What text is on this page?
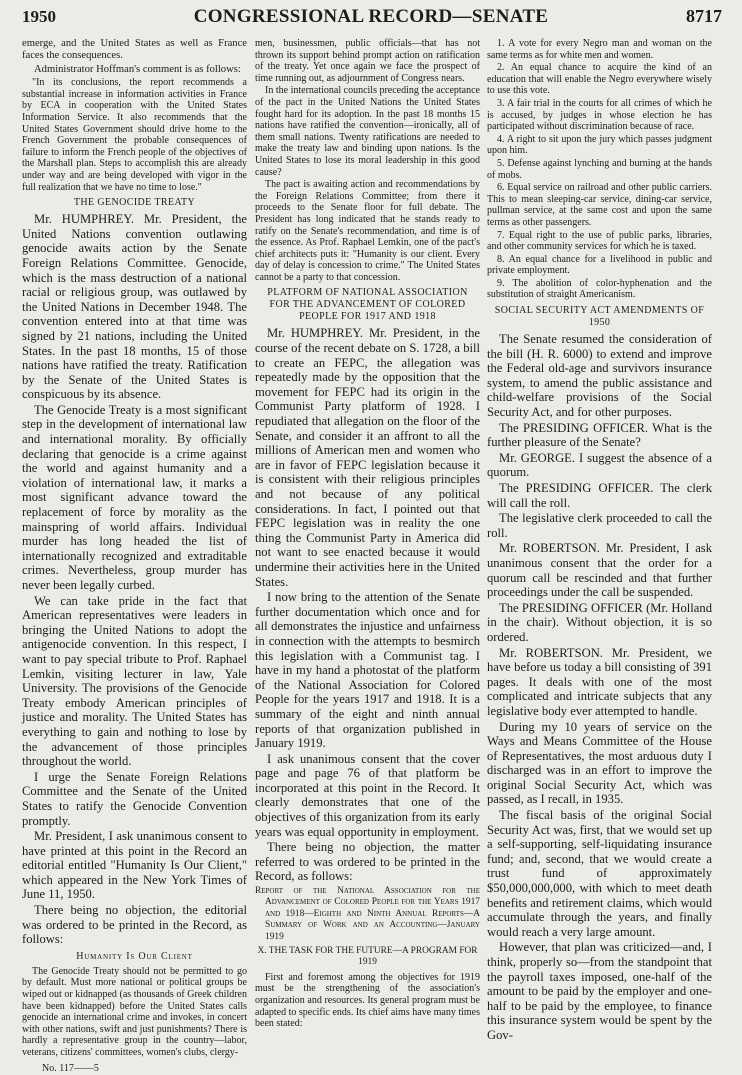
1950	CONGRESSIONAL RECORD—SENATE	8717

emerge, and the United States as well as France faces the consequences.

Administrator Hoffman's comment is as follows:

"In its conclusions, the report recommends a substantial increase in information activities in France by ECA in cooperation with the United States Information Service. It also recommends that the United States Government should drive home to the French Government the probable consequences of failure to inform the French people of the objectives of the Marshall plan. Steps to accomplish this are already under way and are being developed with vigor in the full realization that we have no time to lose."

THE GENOCIDE TREATY

Mr. HUMPHREY. Mr. President, the United Nations convention outlawing genocide awaits action by the Senate Foreign Relations Committee. Genocide, which is the mass destruction of a national racial or religious group, was outlawed by the United Nations in December 1948. The convention entered into at that time was signed by 21 nations, including the United States. In the past 18 months, 15 of those nations have ratified the treaty. Ratification by the Senate of the United States is conspicuous by its absence.

The Genocide Treaty is a most significant step in the development of international law and international morality. By officially declaring that genocide is a crime against the world and against humanity and a violation of international law, it marks a most significant advance toward the replacement of force by morality as the mainspring of world affairs. Individual murder has long headed the list of internationally recognized and extraditable crimes. Nevertheless, group murder has never been legally curbed.

We can take pride in the fact that American representatives were leaders in bringing the United Nations to adopt the antigenocide convention. In this respect, I want to pay special tribute to Prof. Raphael Lemkin, visiting lecturer in law, Yale University. The provisions of the Genocide Treaty embody American principles of justice and morality. The United States has everything to gain and nothing to lose by the advancement of those principles throughout the world.

I urge the Senate Foreign Relations Committee and the Senate of the United States to ratify the Genocide Convention promptly.

Mr. President, I ask unanimous consent to have printed at this point in the Record an editorial entitled "Humanity Is Our Client," which appeared in the New York Times of June 11, 1950.

There being no objection, the editorial was ordered to be printed in the Record, as follows:

Humanity Is Our Client

The Genocide Treaty should not be permitted to go by default. Must more national or political groups be wiped out or kidnapped (as thousands of Greek children have been kidnapped) before the United States calls genocide an international crime and invokes, in concert with other nations, swift and just punishments? There is hardly a representative group in the country—labor, veterans, citizens' committees, women's clubs, clergy-

No. 117——5

men, businessmen, public officials—that has not thrown its support behind prompt action on ratification of the treaty. Yet once again we face the prospect of time running out, as adjournment of Congress nears.

In the international councils preceding the acceptance of the pact in the United Nations the United States fought hard for its adoption. In the past 18 months 15 nations have ratified the convention—ironically, all of them small nations. Twenty ratifications are needed to make the treaty law and binding upon nations. Is the United States to lose its moral leadership in this good cause?

The pact is awaiting action and recommendations by the Foreign Relations Committee; from there it proceeds to the Senate floor for full debate. The President has long indicated that he stands ready to ratify on the Senate's recommendation, and time is of the essence. As Prof. Raphael Lemkin, one of the pact's chief architects puts it: "Humanity is our client. Every day of delay is concession to crime." The United States cannot be a party to that concession.

PLATFORM OF NATIONAL ASSOCIATION FOR THE ADVANCEMENT OF COLORED PEOPLE FOR 1917 AND 1918

Mr. HUMPHREY. Mr. President, in the course of the recent debate on S. 1728, a bill to create an FEPC, the allegation was repeatedly made by the opposition that the movement for FEPC had its origin in the Communist Party platform of 1928. I repudiated that allegation on the floor of the Senate, and consider it an affront to all the millions of American men and women who are in favor of FEPC legislation because it is consistent with their religious principles and not because of any political considerations. In fact, I pointed out that FEPC legislation was in reality the one thing the Communist Party in America did not want to see enacted because it would undermine their activities here in the United States.

I now bring to the attention of the Senate further documentation which once and for all demonstrates the injustice and unfairness in connection with the attempts to besmirch this legislation with a Communist tag. I have in my hand a photostat of the platform of the National Association for Colored People for the years 1917 and 1918. It is a summary of the eight and ninth annual reports of that organization published in January 1919.

I ask unanimous consent that the cover page and page 76 of that platform be incorporated at this point in the Record. It clearly demonstrates that one of the objectives of this organization from its early years was equal opportunity in employment.

There being no objection, the matter referred to was ordered to be printed in the Record, as follows:

Report of the National Association for the Advancement of Colored People for the Years 1917 and 1918—Eighth and Ninth Annual Reports—A Summary of Work and an Accounting—January 1919

X. THE TASK FOR THE FUTURE—A PROGRAM FOR 1919

First and foremost among the objectives for 1919 must be the strengthening of the association's organization and resources. Its general program must be adapted to specific ends. Its chief aims have many times been stated:

1. A vote for every Negro man and woman on the same terms as for white men and women.

2. An equal chance to acquire the kind of an education that will enable the Negro everywhere wisely to use this vote.

3. A fair trial in the courts for all crimes of which he is accused, by judges in whose election he has participated without discrimination because of race.

4. A right to sit upon the jury which passes judgment upon him.

5. Defense against lynching and burning at the hands of mobs.

6. Equal service on railroad and other public carriers. This to mean sleeping-car service, dining-car service, pullman service, at the same cost and upon the same terms as other passengers.

7. Equal right to the use of public parks, libraries, and other community services for which he is taxed.

8. An equal chance for a livelihood in public and private employment.

9. The abolition of color-hyphenation and the substitution of straight Americanism.

SOCIAL SECURITY ACT AMENDMENTS OF 1950

The Senate resumed the consideration of the bill (H. R. 6000) to extend and improve the Federal old-age and survivors insurance system, to amend the public assistance and child-welfare provisions of the Social Security Act, and for other purposes.

The PRESIDING OFFICER. What is the further pleasure of the Senate?

Mr. GEORGE. I suggest the absence of a quorum.

The PRESIDING OFFICER. The clerk will call the roll.

The legislative clerk proceeded to call the roll.

Mr. ROBERTSON. Mr. President, I ask unanimous consent that the order for a quorum call be rescinded and that further proceedings under the call be suspended.

The PRESIDING OFFICER (Mr. Holland in the chair). Without objection, it is so ordered.

Mr. ROBERTSON. Mr. President, we have before us today a bill consisting of 391 pages. It deals with one of the most complicated and intricate subjects that any legislative body ever attempted to handle.

During my 10 years of service on the Ways and Means Committee of the House of Representatives, the most arduous duty I discharged was in an effort to improve the original Social Security Act, which was passed, as I recall, in 1935.

The fiscal basis of the original Social Security Act was, first, that we would set up a self-supporting, self-liquidating insurance fund; and, second, that we would create a trust fund of approximately $50,000,000,000, with which to meet death benefits and retirement claims, which would accumulate through the years, and finally would reach a very large amount.

However, that plan was criticized—and, I think, properly so—from the standpoint that the payroll taxes imposed, one-half of the amount to be paid by the employer and one-half to be paid by the employee, to finance this insurance system would be spent by the Gov-
